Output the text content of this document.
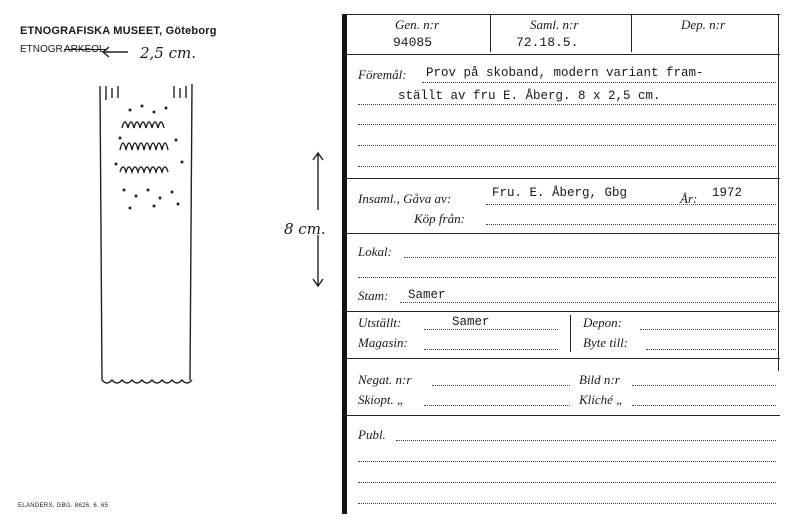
ETNOGRAFISKA MUSEET, Göteborg
ETNOGR.
ARKEOL. 2,5 cm.
8 cm.
ELANDERS, GBG. 8626. 6. 65
Gen. n:r
94085
Saml. n:r
72.18.5.
Dep. n:r
Föremål: Prov på skoband, modern variant fram-
ställt av fru E. Åberg. 8 x 2,5 cm.
Insaml., Gåva av:	Fru. E. Åberg, Gbg	År: 1972
Köp från:
Lokal:
Stam: Samer
Utställt:	Samer
Magasin:
Depon:
Byte till:
Negat. n:r	Bild n:r
Skiopt. „	Kliché „
Publ.
